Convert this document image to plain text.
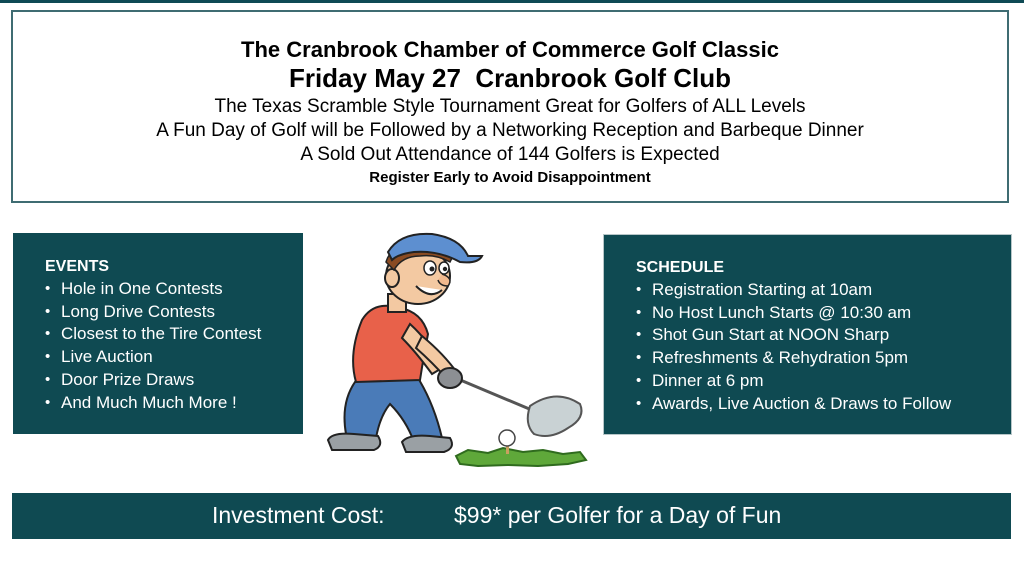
The Cranbrook Chamber of Commerce Golf Classic
Friday May 27  Cranbrook Golf Club
The Texas Scramble Style Tournament Great for Golfers of ALL Levels
A Fun Day of Golf will be Followed by a Networking Reception and Barbeque Dinner
A Sold Out Attendance of 144 Golfers is Expected
Register Early to Avoid Disappointment
EVENTS
• Hole in One Contests
• Long Drive Contests
• Closest to the Tire Contest
• Live Auction
• Door Prize Draws
• And Much Much More !
SCHEDULE
• Registration Starting at 10am
• No Host Lunch Starts @ 10:30 am
• Shot Gun Start at NOON Sharp
• Refreshments & Rehydration 5pm
• Dinner at 6 pm
• Awards, Live Auction & Draws to Follow
Investment Cost:	$99* per Golfer for a Day of Fun
